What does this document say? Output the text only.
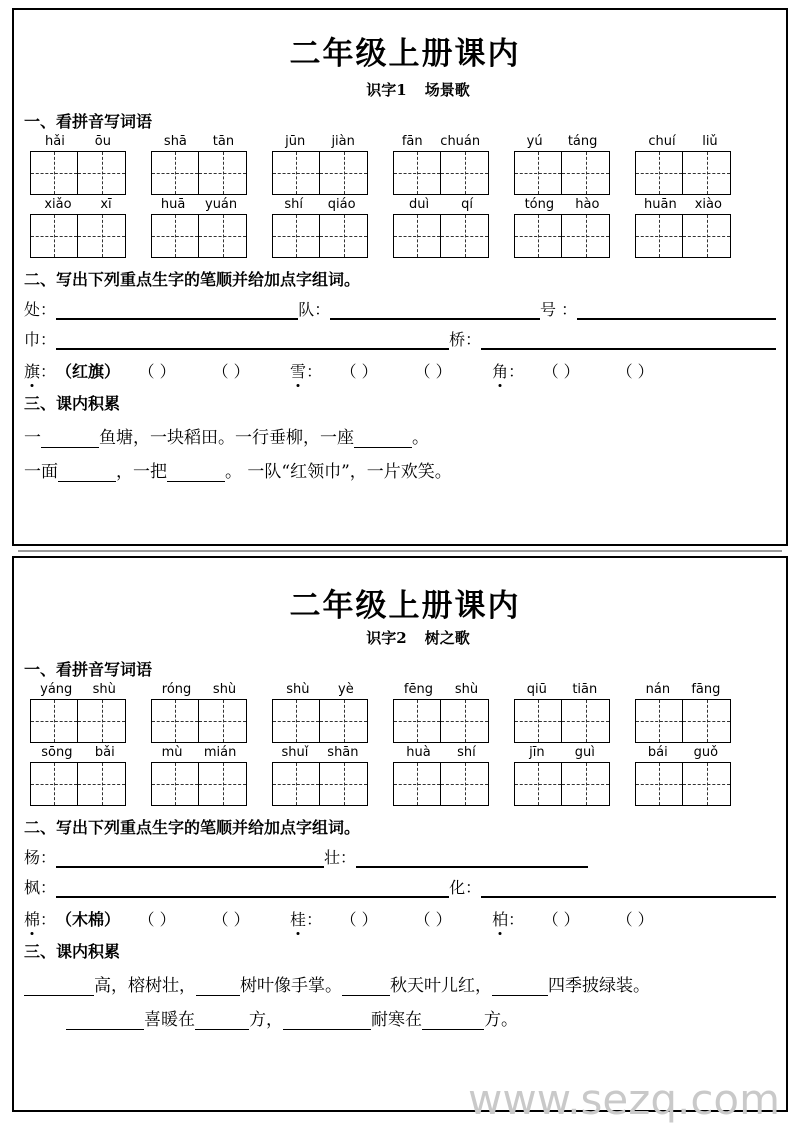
二年级上册课内
识字1 场景歌
一、看拼音写词语
hǎi ōu	shā tān	jūn jiàn	fān chuán	yú táng	chuí liǔ
xiǎo xī	huā yuán	shí qiáo	duì qí	tóng hào	huān xiào
二、写出下列重点生字的笔顺并给加点字组词。
处：	队：	号 ：
巾：	桥：
旗 ： （红旗）	（ ）	（ ）	雪 ：	（ ）	（ ）	角 ：	（ ）	（ ）
三、课内积累
一	鱼塘，一块稻田。一行垂柳，一座	。
一面	，一把	。 一队“红领巾”，一片欢笑。
二年级上册课内
识字2 树之歌
一、看拼音写词语
yáng shù	róng shù	shù yè	fēng shù	qiū tiān	nán fāng
sōng bǎi	mù mián	shuǐ shān	huà shí	jīn guì	bái guǒ
二、写出下列重点生字的笔顺并给加点字组词。
杨：	壮：
枫：	化：
棉 ： （木棉）	（ ）	（ ）	桂 ：	（ ）	（ ）	柏 ：	（ ）	（ ）
三、课内积累
高，榕树壮，	树叶像手掌。	秋天叶儿红，	四季披绿装。
喜暖在	方，	耐寒在	方。
www.sezq.com
